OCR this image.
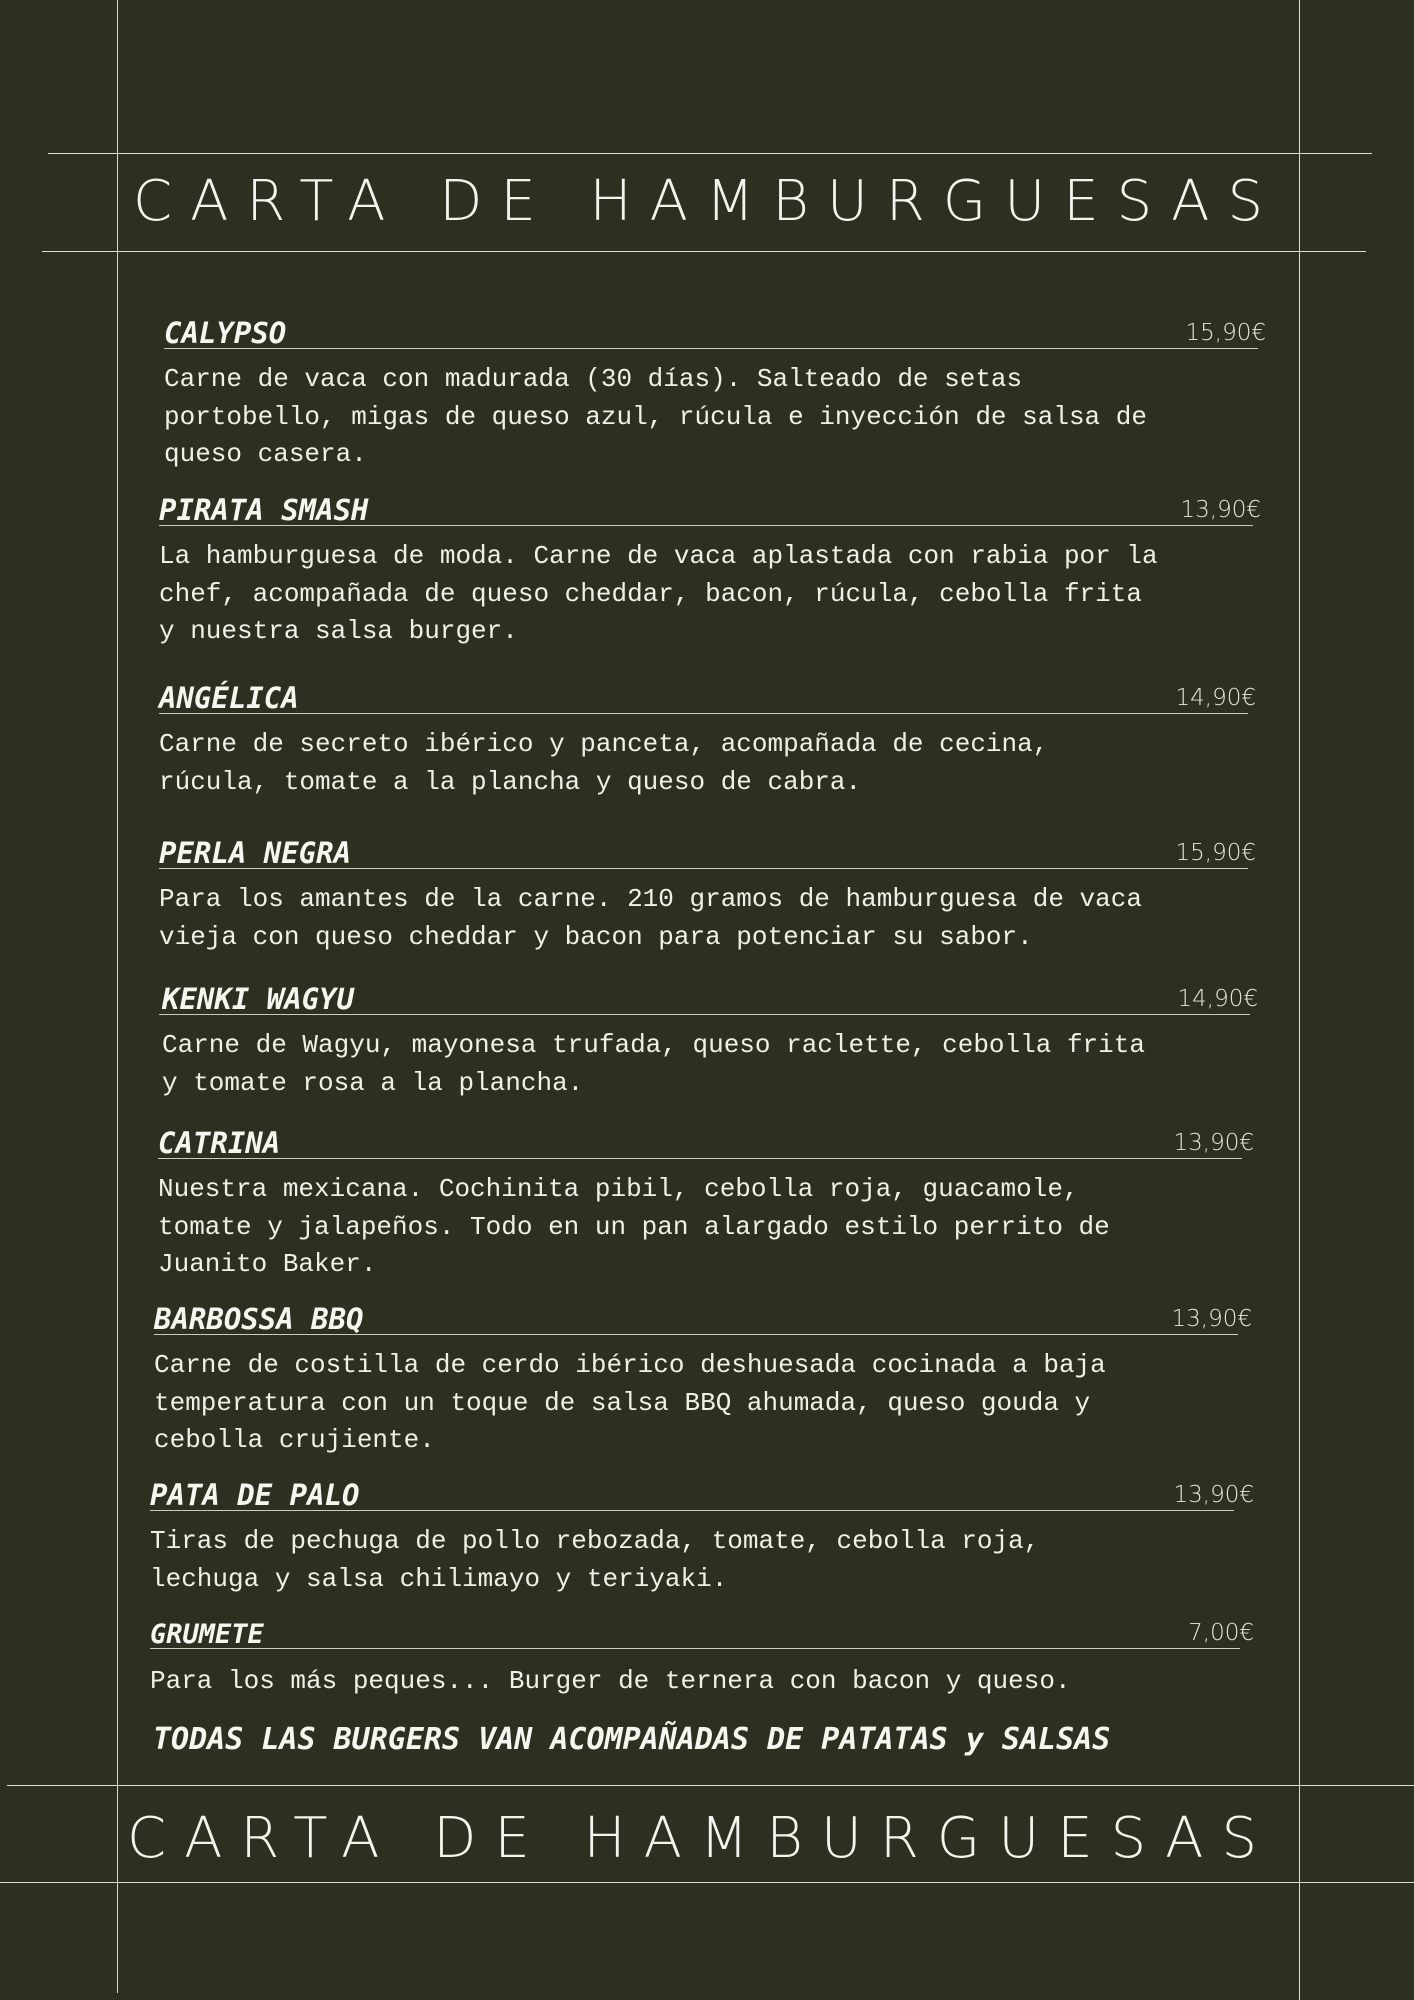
CARTA DE HAMBURGUESAS
CALYPSO	15,90€
Carne de vaca con madurada (30 días). Salteado de setas
portobello, migas de queso azul, rúcula e inyección de salsa de
queso casera.
PIRATA SMASH	13,90€
La hamburguesa de moda. Carne de vaca aplastada con rabia por la
chef, acompañada de queso cheddar, bacon, rúcula, cebolla frita
y nuestra salsa burger.
ANGÉLICA	14,90€
Carne de secreto ibérico y panceta, acompañada de cecina,
rúcula, tomate a la plancha y queso de cabra.
PERLA NEGRA	15,90€
Para los amantes de la carne. 210 gramos de hamburguesa de vaca
vieja con queso cheddar y bacon para potenciar su sabor.
KENKI WAGYU	14,90€
Carne de Wagyu, mayonesa trufada, queso raclette, cebolla frita
y tomate rosa a la plancha.
CATRINA	13,90€
Nuestra mexicana. Cochinita pibil, cebolla roja, guacamole,
tomate y jalapeños. Todo en un pan alargado estilo perrito de
Juanito Baker.
BARBOSSA BBQ	13,90€
Carne de costilla de cerdo ibérico deshuesada cocinada a baja
temperatura con un toque de salsa BBQ ahumada, queso gouda y
cebolla crujiente.
PATA DE PALO	13,90€
Tiras de pechuga de pollo rebozada, tomate, cebolla roja,
lechuga y salsa chilimayo y teriyaki.
GRUMETE	7,00€
Para los más peques... Burger de ternera con bacon y queso.
TODAS LAS BURGERS VAN ACOMPAÑADAS DE PATATAS y SALSAS
CARTA DE HAMBURGUESAS
